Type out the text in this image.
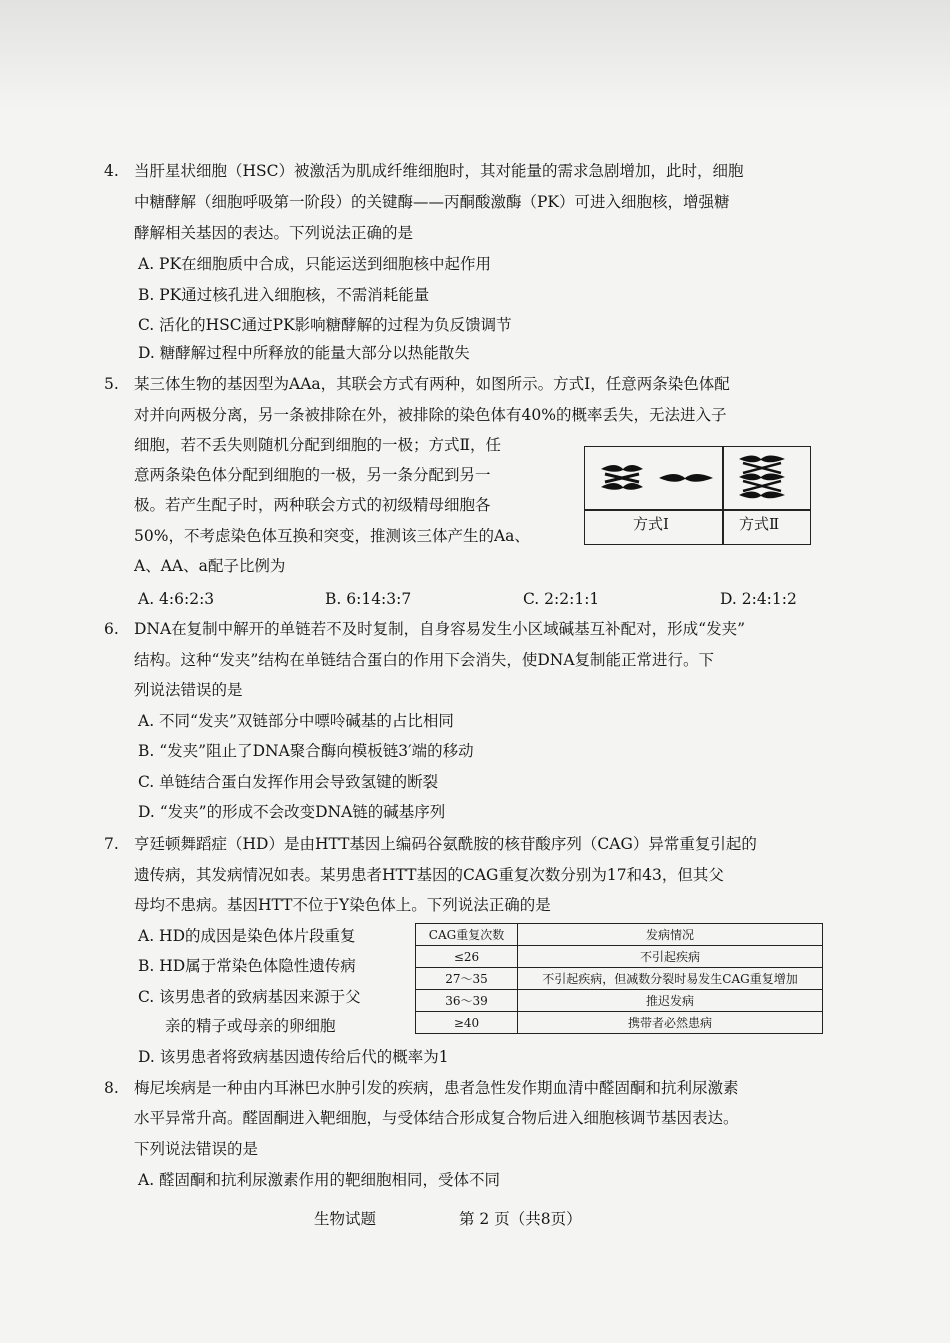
4. 当肝星状细胞（HSC）被激活为肌成纤维细胞时，其对能量的需求急剧增加，此时，细胞
中糖酵解（细胞呼吸第一阶段）的关键酶——丙酮酸激酶（PK）可进入细胞核，增强糖
酵解相关基因的表达。下列说法正确的是
A. PK在细胞质中合成，只能运送到细胞核中起作用
B. PK通过核孔进入细胞核，不需消耗能量
C. 活化的HSC通过PK影响糖酵解的过程为负反馈调节
D. 糖酵解过程中所释放的能量大部分以热能散失
5. 某三体生物的基因型为AAa，其联会方式有两种，如图所示。方式Ⅰ，任意两条染色体配
对并向两极分离，另一条被排除在外，被排除的染色体有40%的概率丢失，无法进入子
细胞，若不丢失则随机分配到细胞的一极；方式Ⅱ，任
意两条染色体分配到细胞的一极，另一条分配到另一
极。若产生配子时，两种联会方式的初级精母细胞各
50%，不考虑染色体互换和突变，推测该三体产生的Aa、
A、AA、a配子比例为
方式Ⅰ	方式Ⅱ
A. 4:6:2:3	B. 6:14:3:7	C. 2:2:1:1	D. 2:4:1:2
6. DNA在复制中解开的单链若不及时复制，自身容易发生小区域碱基互补配对，形成“发夹”
结构。这种“发夹”结构在单链结合蛋白的作用下会消失，使DNA复制能正常进行。下
列说法错误的是
A. 不同“发夹”双链部分中嘌呤碱基的占比相同
B. “发夹”阻止了DNA聚合酶向模板链3′端的移动
C. 单链结合蛋白发挥作用会导致氢键的断裂
D. “发夹”的形成不会改变DNA链的碱基序列
7. 亨廷顿舞蹈症（HD）是由HTT基因上编码谷氨酰胺的核苷酸序列（CAG）异常重复引起的
遗传病，其发病情况如表。某男患者HTT基因的CAG重复次数分别为17和43，但其父
母均不患病。基因HTT不位于Y染色体上。下列说法正确的是
A. HD的成因是染色体片段重复
B. HD属于常染色体隐性遗传病
C. 该男患者的致病基因来源于父
亲的精子或母亲的卵细胞
D. 该男患者将致病基因遗传给后代的概率为1
CAG重复次数	发病情况
≤26	不引起疾病
27～35	不引起疾病，但减数分裂时易发生CAG重复增加
36～39	推迟发病
≥40	携带者必然患病
8. 梅尼埃病是一种由内耳淋巴水肿引发的疾病，患者急性发作期血清中醛固酮和抗利尿激素
水平异常升高。醛固酮进入靶细胞，与受体结合形成复合物后进入细胞核调节基因表达。
下列说法错误的是
A. 醛固酮和抗利尿激素作用的靶细胞相同，受体不同
生物试题	第 2 页（共8页）
